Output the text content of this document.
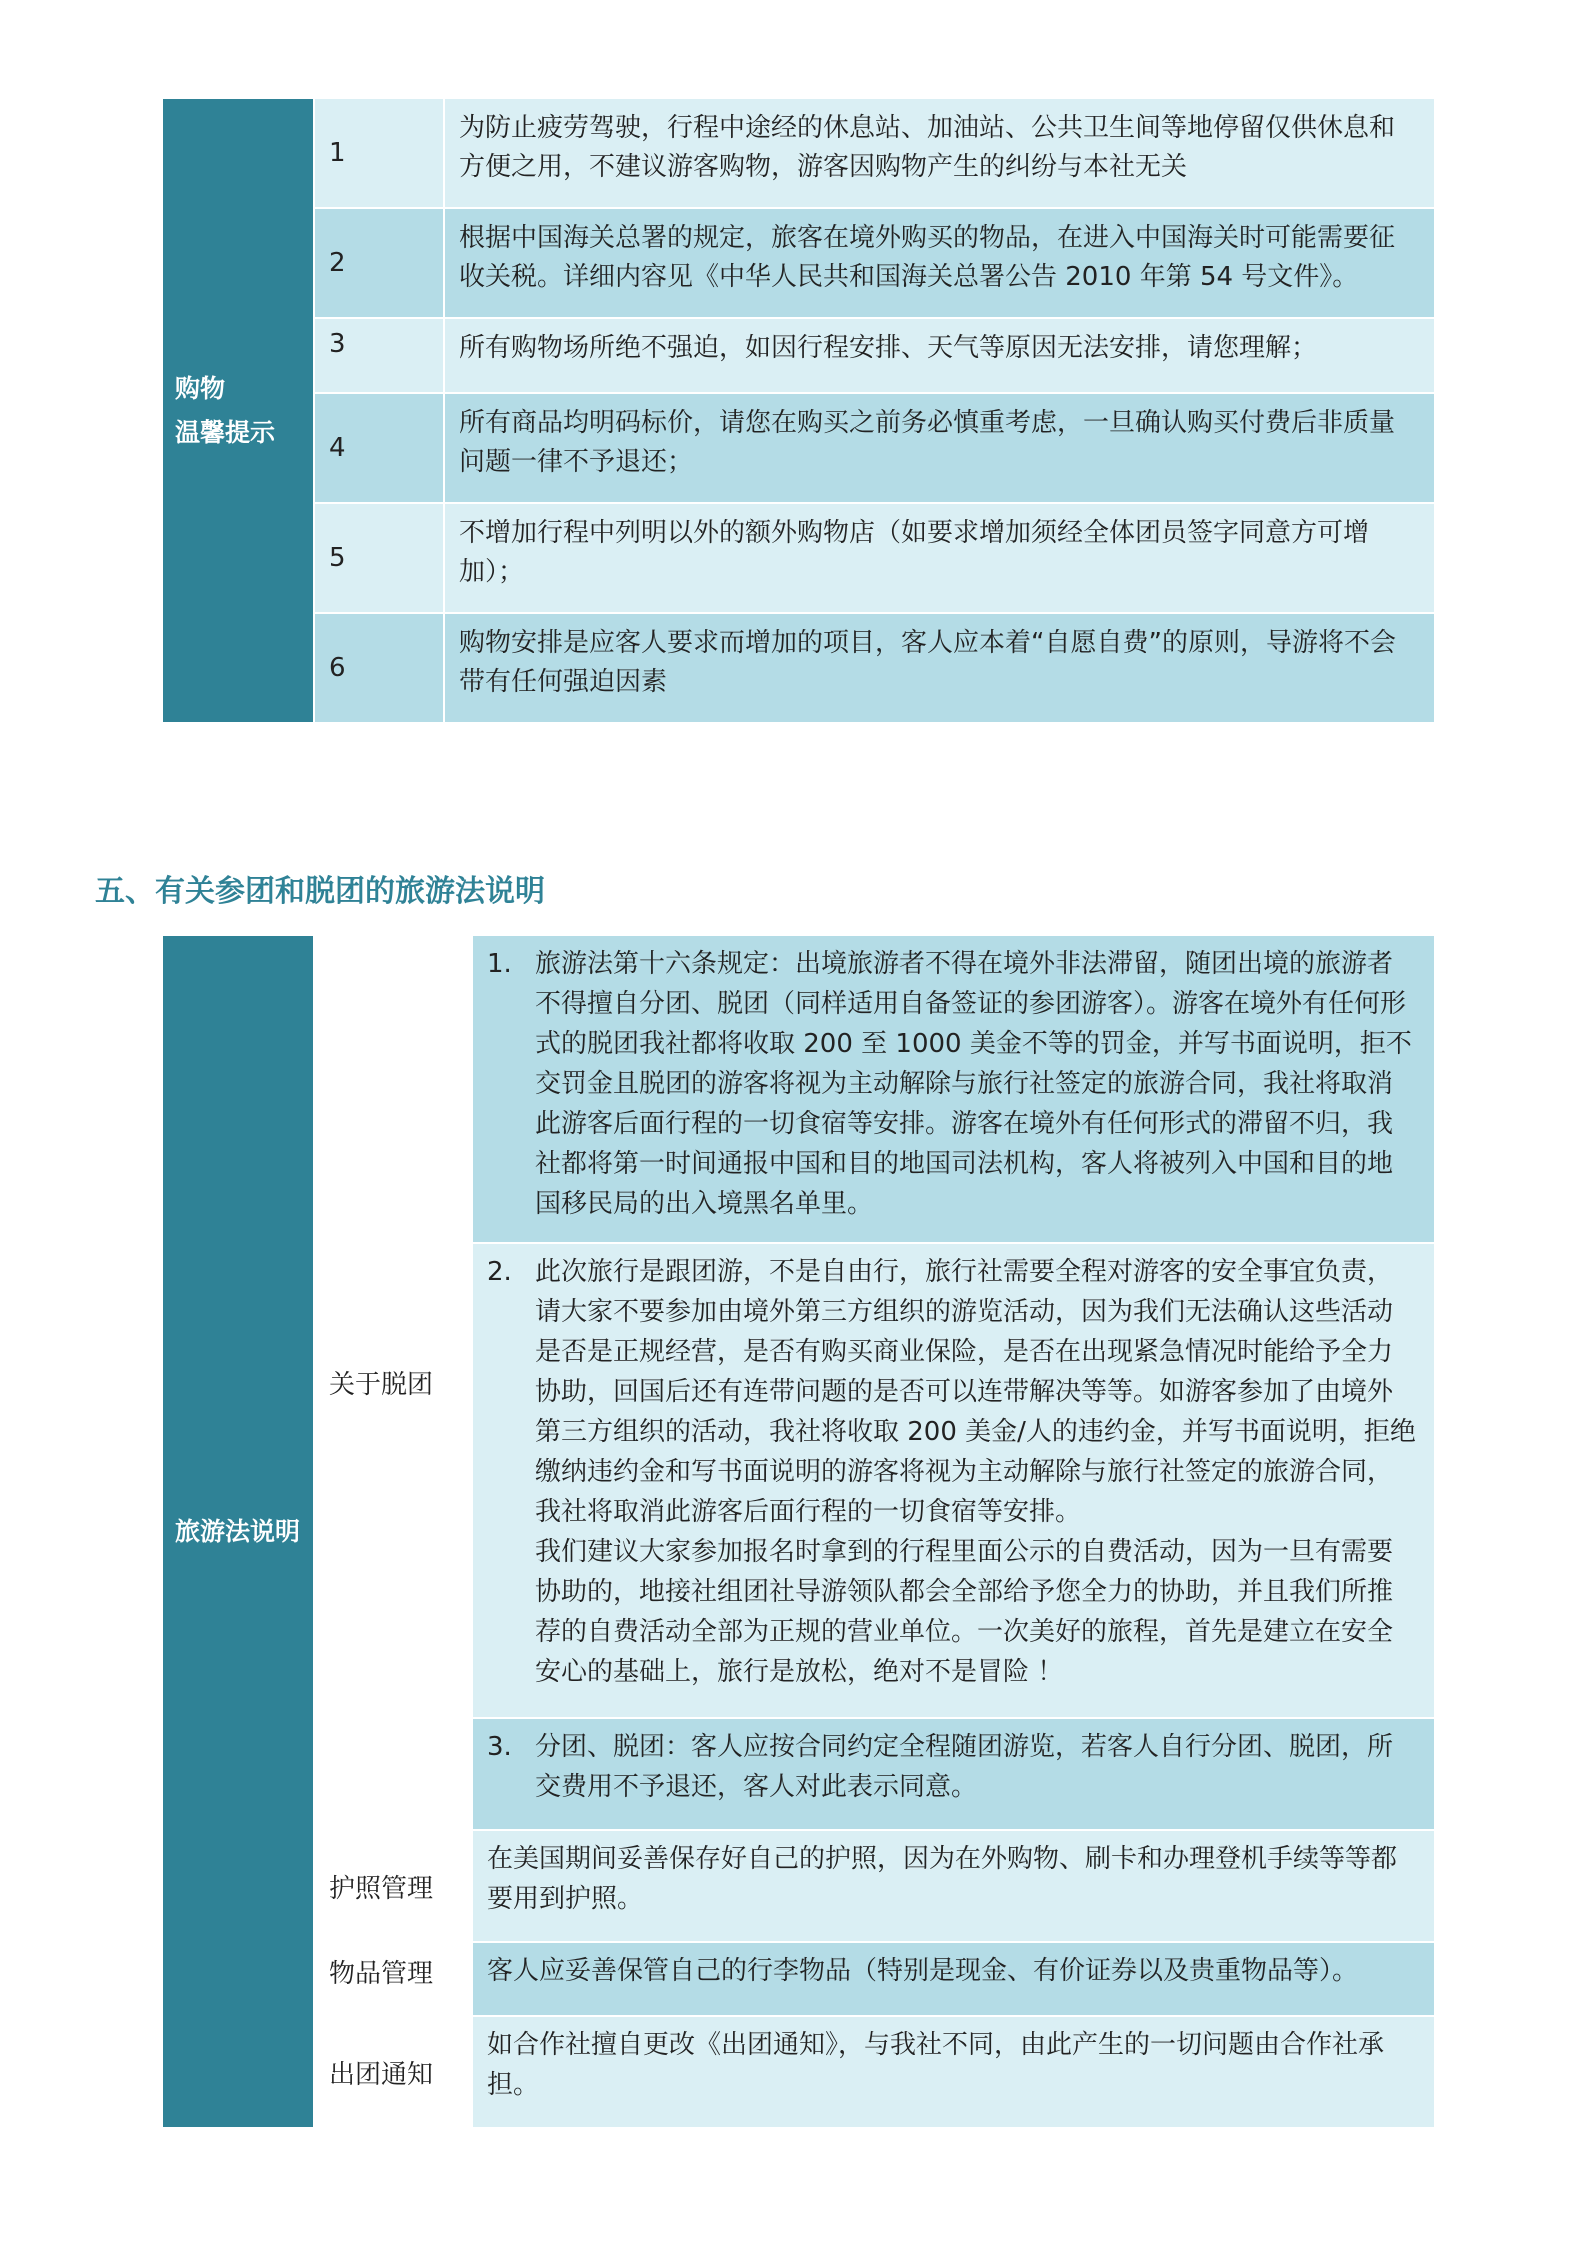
购物
温馨提示	1	为防止疲劳驾驶，行程中途经的休息站、加油站、公共卫生间等地停留仅供休息和方便之用，不建议游客购物，游客因购物产生的纠纷与本社无关
	2	根据中国海关总署的规定，旅客在境外购买的物品，在进入中国海关时可能需要征收关税。详细内容见《中华人民共和国海关总署公告 2010 年第 54 号文件》。
	3	所有购物场所绝不强迫，如因行程安排、天气等原因无法安排，请您理解；
	4	所有商品均明码标价，请您在购买之前务必慎重考虑，一旦确认购买付费后非质量问题一律不予退还；
	5	不增加行程中列明以外的额外购物店（如要求增加须经全体团员签字同意方可增加）；
	6	购物安排是应客人要求而增加的项目，客人应本着“自愿自费”的原则，导游将不会带有任何强迫因素
五、有关参团和脱团的旅游法说明
旅游法说明	关于脱团	1. 旅游法第十六条规定：出境旅游者不得在境外非法滞留，随团出境的旅游者不得擅自分团、脱团（同样适用自备签证的参团游客）。游客在境外有任何形式的脱团我社都将收取 200 至 1000 美金不等的罚金，并写书面说明，拒不交罚金且脱团的游客将视为主动解除与旅行社签定的旅游合同，我社将取消此游客后面行程的一切食宿等安排。游客在境外有任何形式的滞留不归，我社都将第一时间通报中国和目的地国司法机构，客人将被列入中国和目的地国移民局的出入境黑名单里。

		2. 此次旅行是跟团游，不是自由行，旅行社需要全程对游客的安全事宜负责，请大家不要参加由境外第三方组织的游览活动，因为我们无法确认这些活动是否是正规经营，是否有购买商业保险，是否在出现紧急情况时能给予全力协助，回国后还有连带问题的是否可以连带解决等等。如游客参加了由境外第三方组织的活动，我社将收取 200 美金/人的违约金，并写书面说明，拒绝缴纳违约金和写书面说明的游客将视为主动解除与旅行社签定的旅游合同，我社将取消此游客后面行程的一切食宿等安排。
我们建议大家参加报名时拿到的行程里面公示的自费活动，因为一旦有需要协助的，地接社组团社导游领队都会全部给予您全力的协助，并且我们所推荐的自费活动全部为正规的营业单位。一次美好的旅程，首先是建立在安全安心的基础上，旅行是放松，绝对不是冒险 ！

		3. 分团、脱团：客人应按合同约定全程随团游览，若客人自行分团、脱团，所交费用不予退还，客人对此表示同意。

	护照管理	在美国期间妥善保存好自己的护照，因为在外购物、刷卡和办理登机手续等等都要用到护照。
	物品管理	客人应妥善保管自己的行李物品（特别是现金、有价证券以及贵重物品等）。
	出团通知	如合作社擅自更改《出团通知》，与我社不同，由此产生的一切问题由合作社承担。
